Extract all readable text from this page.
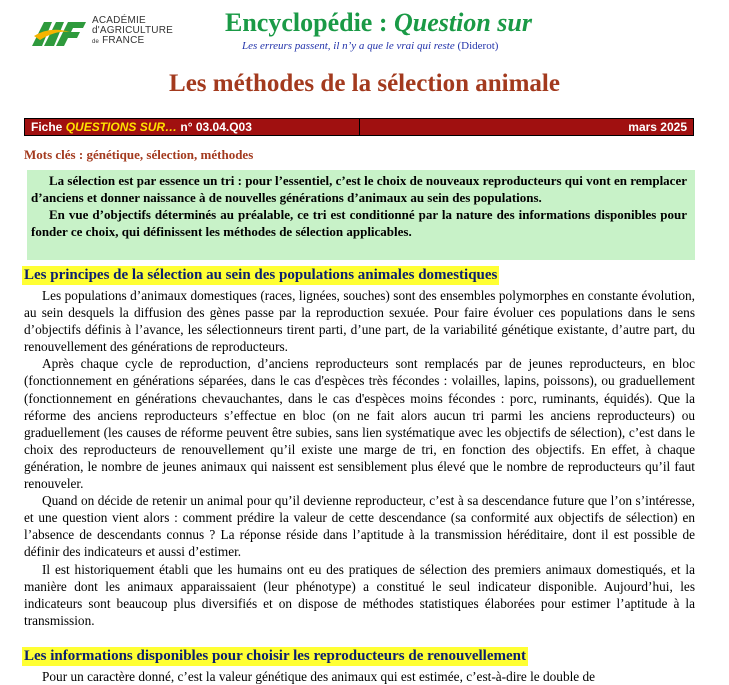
ACADÉMIE
d'AGRICULTURE
de FRANCE
Encyclopédie : Question sur
Les erreurs passent, il n’y a que le vrai qui reste (Diderot)
Les méthodes de la sélection animale
Fiche QUESTIONS SUR… n° 03.04.Q03	mars 2025
Mots clés : génétique, sélection, méthodes

La sélection est par essence un tri : pour l’essentiel, c’est le choix de nouveaux reproducteurs qui vont en remplacer d’anciens et donner naissance à de nouvelles générations d’animaux au sein des populations.

En vue d’objectifs déterminés au préalable, ce tri est conditionné par la nature des informations disponibles pour fonder ce choix, qui définissent les méthodes de sélection applicables.

Les principes de la sélection au sein des populations animales domestiques

Les populations d’animaux domestiques (races, lignées, souches) sont des ensembles polymorphes en constante évolution, au sein desquels la diffusion des gènes passe par la reproduction sexuée. Pour faire évoluer ces populations dans le sens d’objectifs définis à l’avance, les sélectionneurs tirent parti, d’une part, de la variabilité génétique existante, d’autre part, du renouvellement des générations de reproducteurs.

Après chaque cycle de reproduction, d’anciens reproducteurs sont remplacés par de jeunes reproducteurs, en bloc (fonctionnement en générations séparées, dans le cas d'espèces très fécondes : volailles, lapins, poissons), ou graduellement (fonctionnement en générations chevauchantes, dans le cas d'espèces moins fécondes : porc, ruminants, équidés). Que la réforme des anciens reproducteurs s’effectue en bloc (on ne fait alors aucun tri parmi les anciens reproducteurs) ou graduellement (les causes de réforme peuvent être subies, sans lien systématique avec les objectifs de sélection), c’est dans le choix des reproducteurs de renouvellement qu’il existe une marge de tri, en fonction des objectifs. En effet, à chaque génération, le nombre de jeunes animaux qui naissent est sensiblement plus élevé que le nombre de reproducteurs qu’il faut renouveler.

Quand on décide de retenir un animal pour qu’il devienne reproducteur, c’est à sa descendance future que l’on s’intéresse, et une question vient alors : comment prédire la valeur de cette descendance (sa conformité aux objectifs de sélection) en l’absence de descendants connus ? La réponse réside dans l’aptitude à la transmission héréditaire, dont il est possible de définir des indicateurs et aussi d’estimer.

Il est historiquement établi que les humains ont eu des pratiques de sélection des premiers animaux domestiqués, et la manière dont les animaux apparaissaient (leur phénotype) a constitué le seul indicateur disponible. Aujourd’hui, les indicateurs sont beaucoup plus diversifiés et on dispose de méthodes statistiques élaborées pour estimer l’aptitude à la transmission.

Les informations disponibles pour choisir les reproducteurs de renouvellement
Pour un caractère donné, c’est la valeur génétique des animaux qui est estimée, c’est-à-dire le double de
